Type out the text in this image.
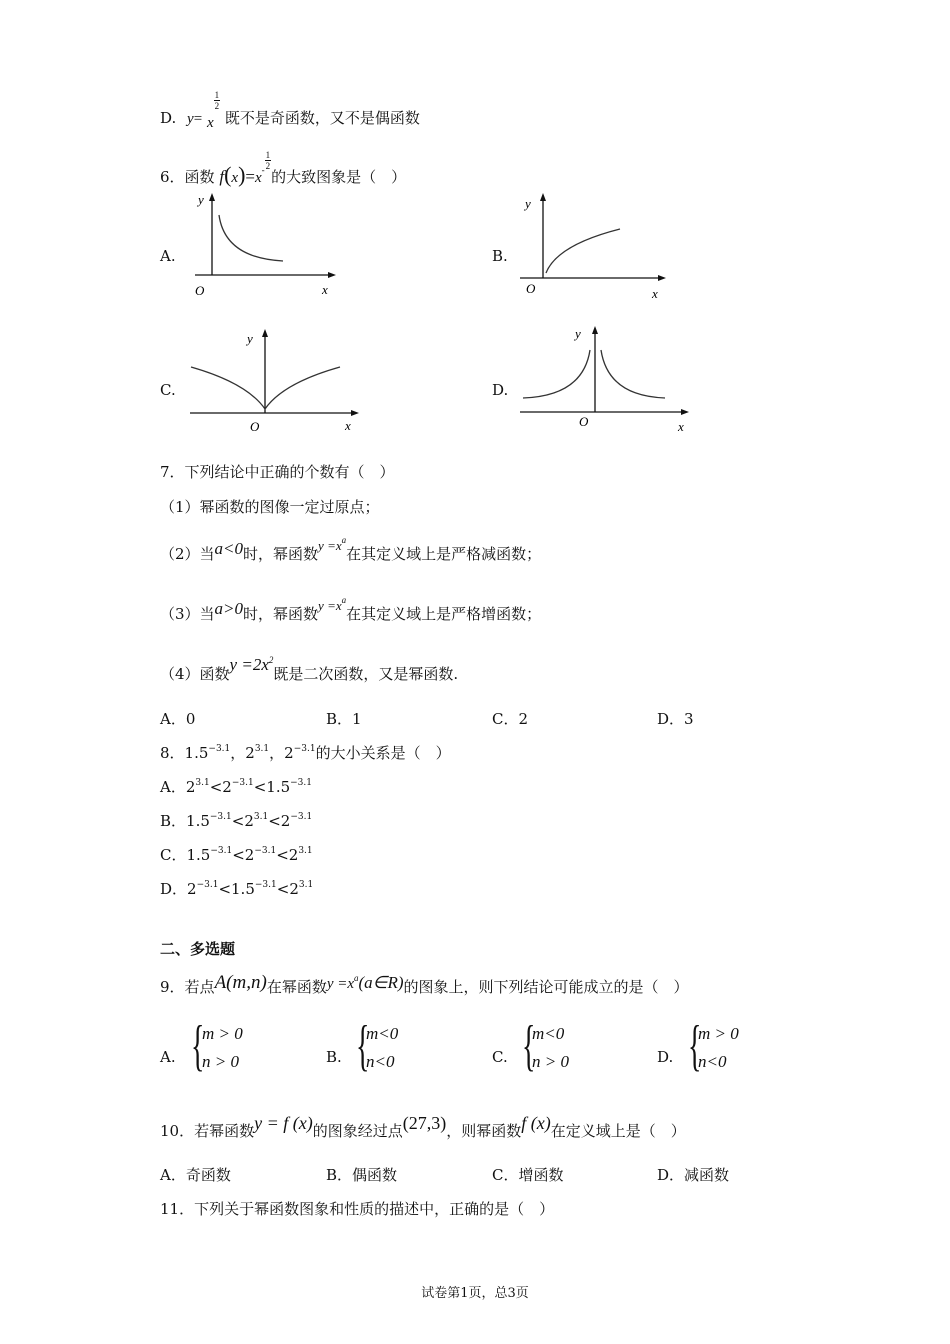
D. y= x
$\frac{1}{2}$
既不是奇函数，又不是偶函数
6．函数 $f(x)=x- \frac{1}{2}$
的大致图象是（　）
A.
y
x
O
B.
y
x
O
C.
y
x
O
D.
y
x
O
7．下列结论中正确的个数有（　）
（1）幂函数的图像一定过原点；
（2）当a<0时，幂函数$y =x^a$在其定义域上是严格减函数；
（3）当a>0时，幂函数$y =x^a$在其定义域上是严格增函数；
（4）函数$y =2x^2$既是二次函数，又是幂函数.
A．0	B．1	C．2	D．3
8．$1.5^{-3.1}$，$2^{3.1}$，$2^{-3.1}$的大小关系是（　）
A．$2^{3.1}<2^{-3.1}<1.5^{-3.1}$
B．$1.5^{-3.1}<2^{3.1}<2^{-3.1}$
C．$1.5^{-3.1}<2^{-3.1}<2^{3.1}$
D．$2^{-3.1}<1.5^{-3.1}<2^{3.1}$
二、多选题
9．若点A(m,n)在幂函数$y =x^a(a\in R)$的图象上，则下列结论可能成立的是（　）
A. {
m > 0
n > 0	B. {
m<0
n<0	C. {
m<0
n > 0	D. {
m > 0
n<0
10．若幂函数y = f (x)的图象经过点(27,3)，则幂函数f (x)在定义域上是（　）
A．奇函数	B．偶函数	C．增函数	D．减函数
11．下列关于幂函数图象和性质的描述中，正确的是（　）
试卷第1页，总3页
